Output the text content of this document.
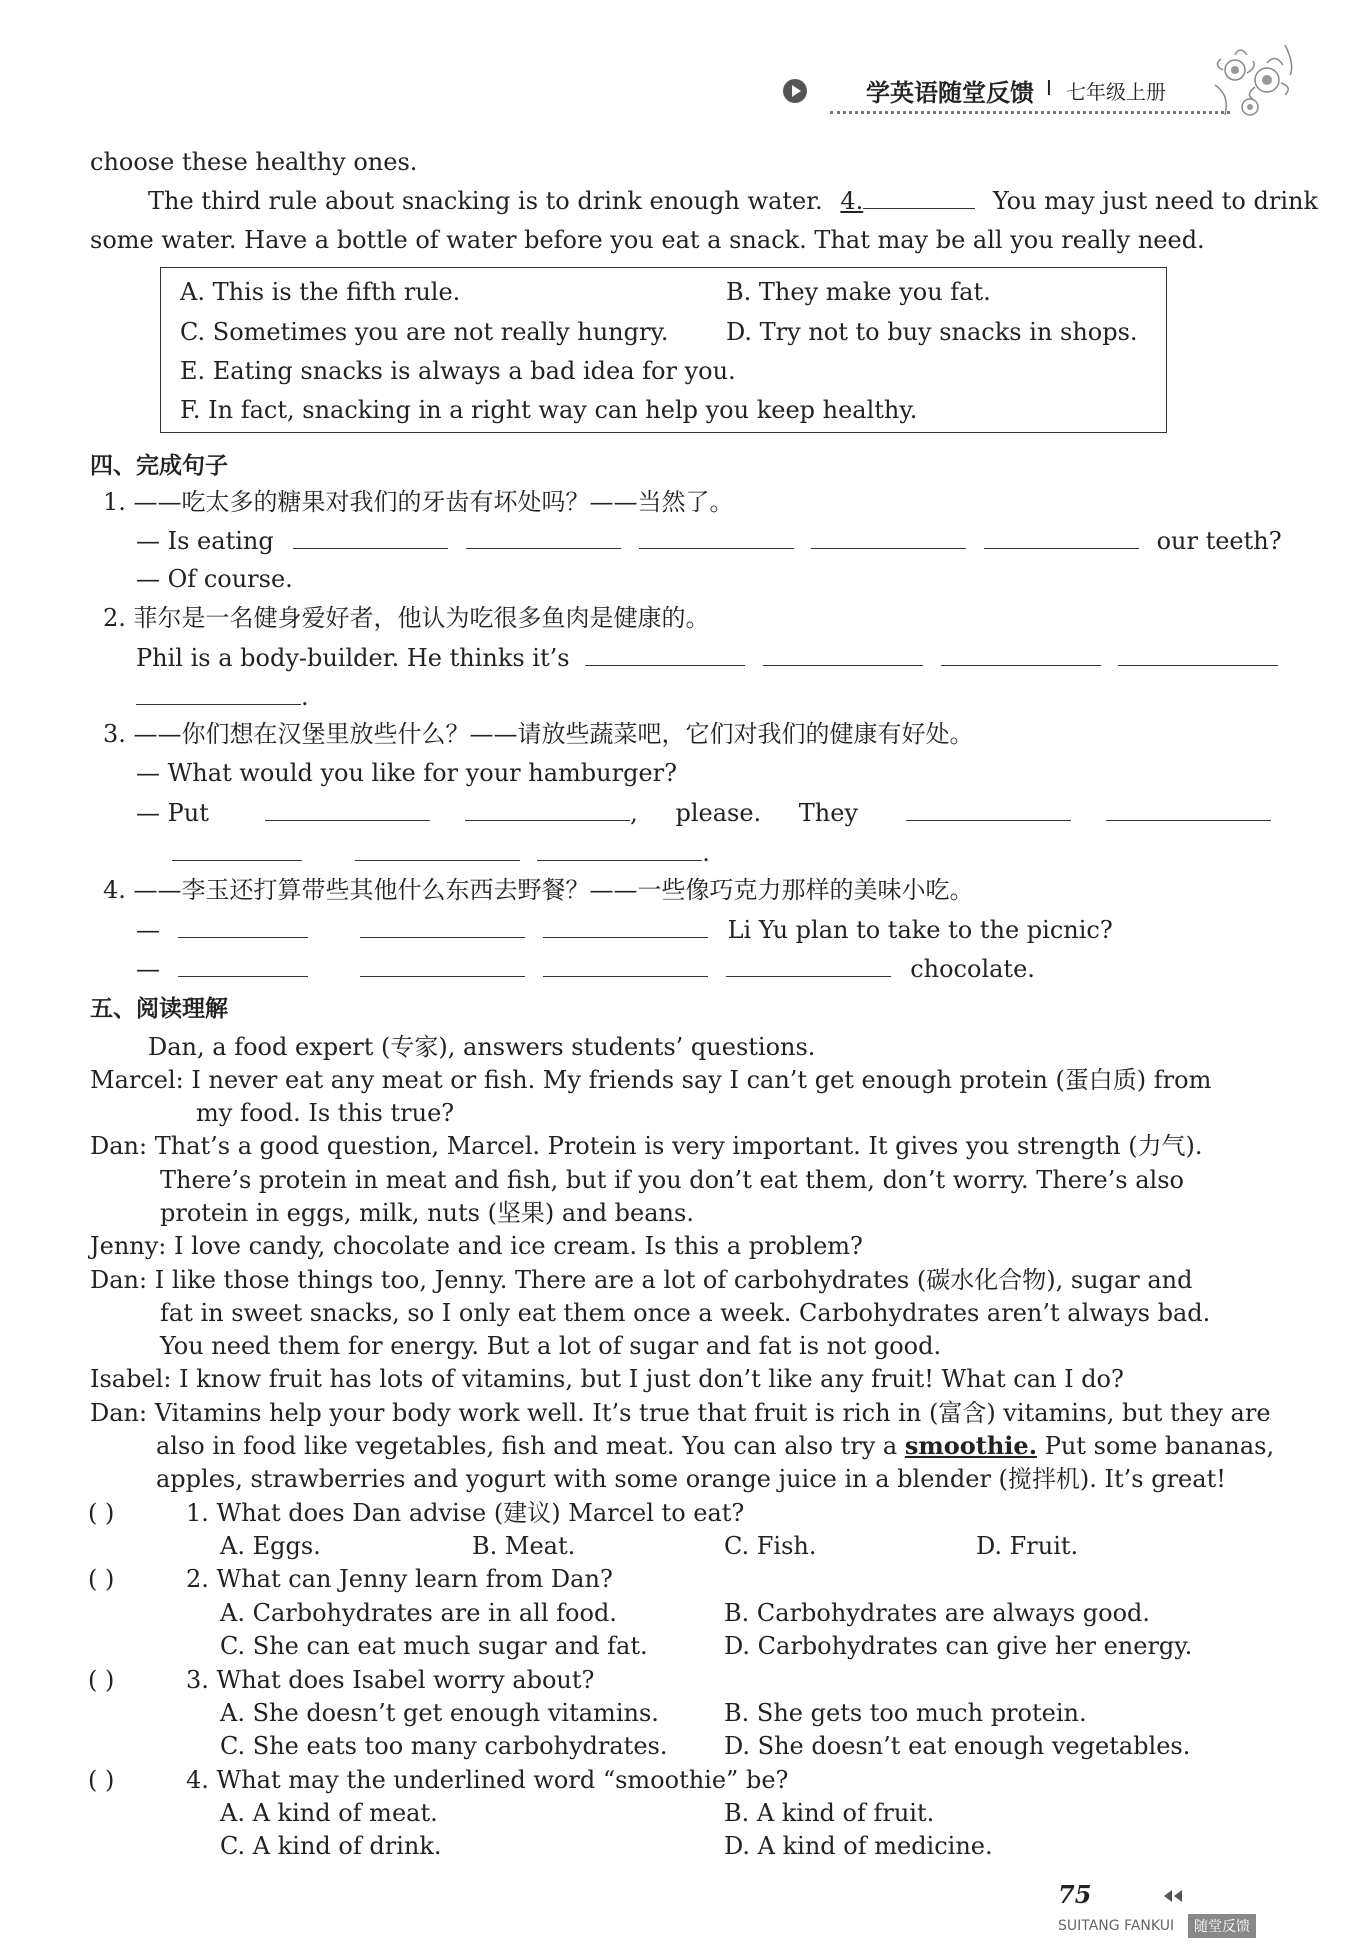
学英语随堂反馈 Ⅰ 七年级上册
choose these healthy ones.
The third rule about snacking is to drink enough water. 4.	You may just need to drink
some water. Have a bottle of water before you eat a snack. That may be all you really need.
A. This is the fifth rule.	B. They make you fat.
C. Sometimes you are not really hungry. D. Try not to buy snacks in shops.
E. Eating snacks is always a bad idea for you.
F. In fact, snacking in a right way can help you keep healthy.
四、完成句子
1. ——吃太多的糖果对我们的牙齿有坏处吗？——当然了。
— Is eating	our teeth?
— Of course.
2. 菲尔是一名健身爱好者，他认为吃很多鱼肉是健康的。
Phil is a body-builder. He thinks it’s
.
3. ——你们想在汉堡里放些什么？——请放些蔬菜吧，它们对我们的健康有好处。
— What would you like for your hamburger?
— Put	, please. They
.
4. ——李玉还打算带些其他什么东西去野餐？——一些像巧克力那样的美味小吃。
—	Li Yu plan to take to the picnic?
—	chocolate.
五、阅读理解
Dan, a food expert (专家), answers students’ questions.
Marcel: I never eat any meat or fish. My friends say I can’t get enough protein (蛋白质) from
my food. Is this true?
Dan: That’s a good question, Marcel. Protein is very important. It gives you strength (力气).
There’s protein in meat and fish, but if you don’t eat them, don’t worry. There’s also
protein in eggs, milk, nuts (坚果) and beans.
Jenny: I love candy, chocolate and ice cream. Is this a problem?
Dan: I like those things too, Jenny. There are a lot of carbohydrates (碳水化合物), sugar and
fat in sweet snacks, so I only eat them once a week. Carbohydrates aren’t always bad.
You need them for energy. But a lot of sugar and fat is not good.
Isabel: I know fruit has lots of vitamins, but I just don’t like any fruit! What can I do?
Dan: Vitamins help your body work well. It’s true that fruit is rich in (富含) vitamins, but they are
also in food like vegetables, fish and meat. You can also try a smoothie. Put some bananas,
apples, strawberries and yogurt with some orange juice in a blender (搅拌机). It’s great!
( )	1. What does Dan advise (建议) Marcel to eat?
A. Eggs.	B. Meat.	C. Fish.	D. Fruit.
( )	2. What can Jenny learn from Dan?
A. Carbohydrates are in all food.	B. Carbohydrates are always good.
C. She can eat much sugar and fat.	D. Carbohydrates can give her energy.
( )	3. What does Isabel worry about?
A. She doesn’t get enough vitamins.	B. She gets too much protein.
C. She eats too many carbohydrates. D. She doesn’t eat enough vegetables.
( )	4. What may the underlined word “smoothie” be?
A. A kind of meat.	B. A kind of fruit.
C. A kind of drink.	D. A kind of medicine.
75
SUITANG FANKUI	随堂反馈
